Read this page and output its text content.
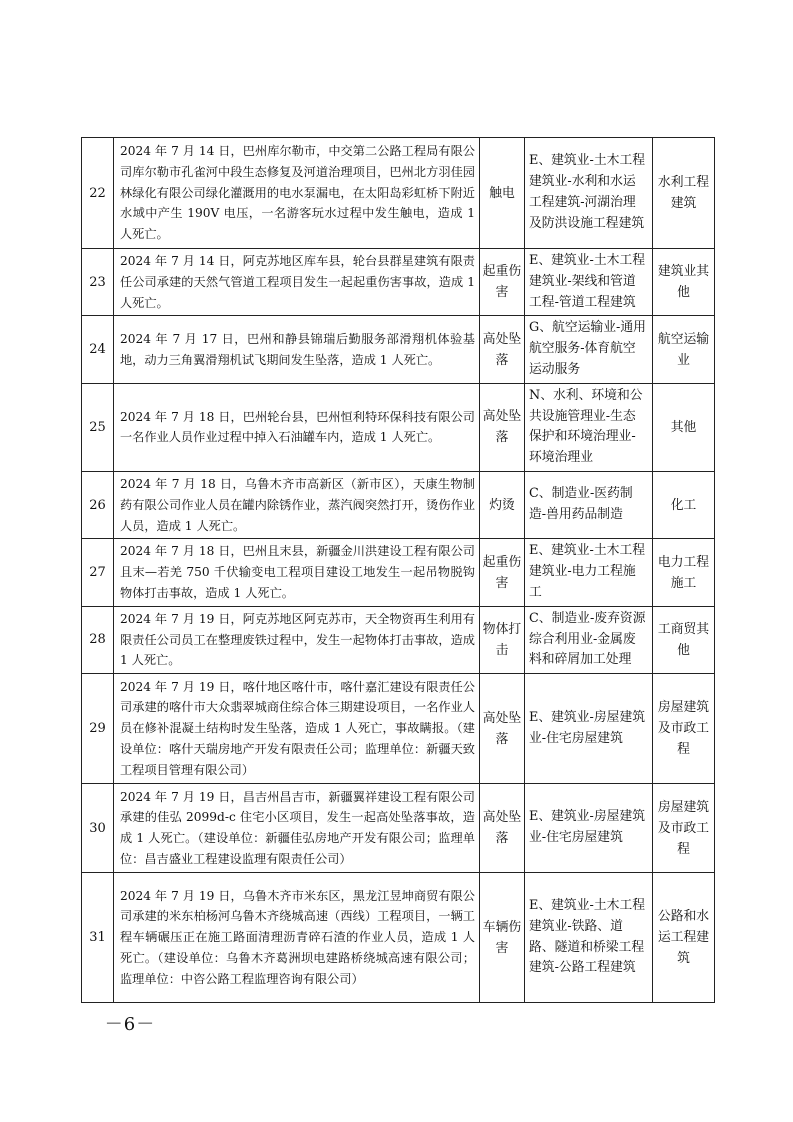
22	2024 年 7 月 14 日，巴州库尔勒市，中交第二公路工程局有限公司库尔勒市孔雀河中段生态修复及河道治理项目，巴州北方羽佳园林绿化有限公司绿化灌溉用的电水泵漏电，在太阳岛彩虹桥下附近水域中产生 190V 电压，一名游客玩水过程中发生触电，造成 1 人死亡。	触电	E、建筑业-土木工程建筑业-水利和水运工程建筑-河湖治理及防洪设施工程建筑	水利工程建筑
23	2024 年 7 月 14 日，阿克苏地区库车县，轮台县群星建筑有限责任公司承建的天然气管道工程项目发生一起起重伤害事故，造成 1 人死亡。	起重伤害	E、建筑业-土木工程建筑业-架线和管道工程-管道工程建筑	建筑业其他
24	2024 年 7 月 17 日，巴州和静县锦瑞后勤服务部滑翔机体验基地，动力三角翼滑翔机试飞期间发生坠落，造成 1 人死亡。	高处坠落	G、航空运输业-通用航空服务-体育航空运动服务	航空运输业
25	2024 年 7 月 18 日，巴州轮台县，巴州恒利特环保科技有限公司一名作业人员作业过程中掉入石油罐车内，造成 1 人死亡。	高处坠落	N、水利、环境和公共设施管理业-生态保护和环境治理业-环境治理业	其他
26	2024 年 7 月 18 日，乌鲁木齐市高新区（新市区），天康生物制药有限公司作业人员在罐内除锈作业，蒸汽阀突然打开，烫伤作业人员，造成 1 人死亡。	灼烫	C、制造业-医药制造-兽用药品制造	化工
27	2024 年 7 月 18 日，巴州且末县，新疆金川洪建设工程有限公司且末—若羌 750 千伏输变电工程项目建设工地发生一起吊物脱钩物体打击事故，造成 1 人死亡。	起重伤害	E、建筑业-土木工程建筑业-电力工程施工	电力工程施工
28	2024 年 7 月 19 日，阿克苏地区阿克苏市，天全物资再生利用有限责任公司员工在整理废铁过程中，发生一起物体打击事故，造成 1 人死亡。	物体打击	C、制造业-废弃资源综合利用业-金属废料和碎屑加工处理	工商贸其他
29	2024 年 7 月 19 日，喀什地区喀什市，喀什嘉汇建设有限责任公司承建的喀什市大众翡翠城商住综合体三期建设项目，一名作业人员在修补混凝土结构时发生坠落，造成 1 人死亡，事故瞒报。（建设单位：喀什天瑞房地产开发有限责任公司；监理单位：新疆天致工程项目管理有限公司）	高处坠落	E、建筑业-房屋建筑业-住宅房屋建筑	房屋建筑及市政工程
30	2024 年 7 月 19 日，昌吉州昌吉市，新疆翼祥建设工程有限公司承建的佳弘 2099d-c 住宅小区项目，发生一起高处坠落事故，造成 1 人死亡。（建设单位：新疆佳弘房地产开发有限公司；监理单位：昌吉盛业工程建设监理有限责任公司）	高处坠落	E、建筑业-房屋建筑业-住宅房屋建筑	房屋建筑及市政工程
31	2024 年 7 月 19 日，乌鲁木齐市米东区，黑龙江昱坤商贸有限公司承建的米东柏杨河乌鲁木齐绕城高速（西线）工程项目，一辆工程车辆碾压正在施工路面清理沥青碎石渣的作业人员，造成 1 人死亡。（建设单位：乌鲁木齐葛洲坝电建路桥绕城高速有限公司；监理单位：中咨公路工程监理咨询有限公司）	车辆伤害	E、建筑业-土木工程建筑业-铁路、道路、隧道和桥梁工程建筑-公路工程建筑	公路和水运工程建筑
－6－
